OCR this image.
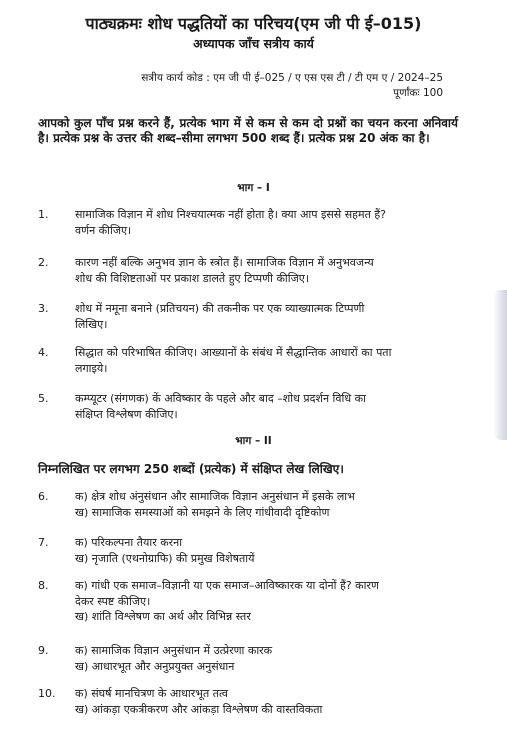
पाठ्यक्रमः शोध पद्धतियों का परिचय(एम जी पी ई–015)
अध्यापक जाँच सत्रीय कार्य
सत्रीय कार्य कोड : एम जी पी ई–025 / ए एस एस टी / टी एम ए / 2024–25
पूर्णांकः 100
आपको कुल पाँच प्रश्न करने हैं, प्रत्येक भाग में से कम से कम दो प्रश्नों का चयन करना अनिवार्य है। प्रत्येक प्रश्न के उत्तर की शब्द–सीमा लगभग 500 शब्द हैं। प्रत्येक प्रश्न 20 अंक का है।
भाग – I
1.	सामाजिक विज्ञान में शोध निश्चयात्मक नहीं होता है। क्या आप इससे सहमत हैं?
वर्णन कीजिए।
2.	कारण नहीं बल्कि अनुभव ज्ञान के स्त्रोत हैं। सामाजिक विज्ञान में अनुभवजन्य
शोध की विशिष्टताओं पर प्रकाश डालते हुए टिप्पणी कीजिए।
3.	शोध में नमूना बनाने (प्रतिचयन) की तकनीक पर एक व्याख्यात्मक टिप्पणी
लिखिए।
4.	सिद्धात को परिभाषित कीजिए। आख्यानों के संबंध में सैद्धान्तिक आधारों का पता
लगाइये।
5.	कम्प्यूटर (संगणक) कें अविष्कार के पहले और बाद –शोध प्रदर्शन विधि का
संक्षिप्त विश्लेषण कीजिए।
भाग – II
निम्नलिखित पर लगभग 250 शब्दों (प्रत्येक) में संक्षिप्त लेख लिखिए।
6.	क) क्षेत्र शोध अंनुसंधान और सामाजिक विज्ञान अनुसंधान में इसके लाभ
ख) सामाजिक समस्याओं को समझने के लिए गांधीवादी दृष्टिकोण
7.	क) परिकल्पना तैयार करना
ख) नृजाति (एथनोग्राफि) की प्रमुख विशेषतायें
8.	क) गांधी एक समाज–विज्ञानी या एक समाज–आविष्कारक या दोनों हैं? कारण
देकर स्पष्ट कीजिए।
ख) शांति विश्लेषण का अर्थ और विभिन्न स्तर
9.	क) सामाजिक विज्ञान अनुसंधान में उत्प्रेरणा कारक
ख) आधारभूत और अनुप्रयुक्त अनुसंधान
10.	क) संघर्ष मानचित्रण के आधारभूत तत्व
ख) आंकड़ा एकत्रीकरण और आंकड़ा विश्लेषण की वास्तविकता
